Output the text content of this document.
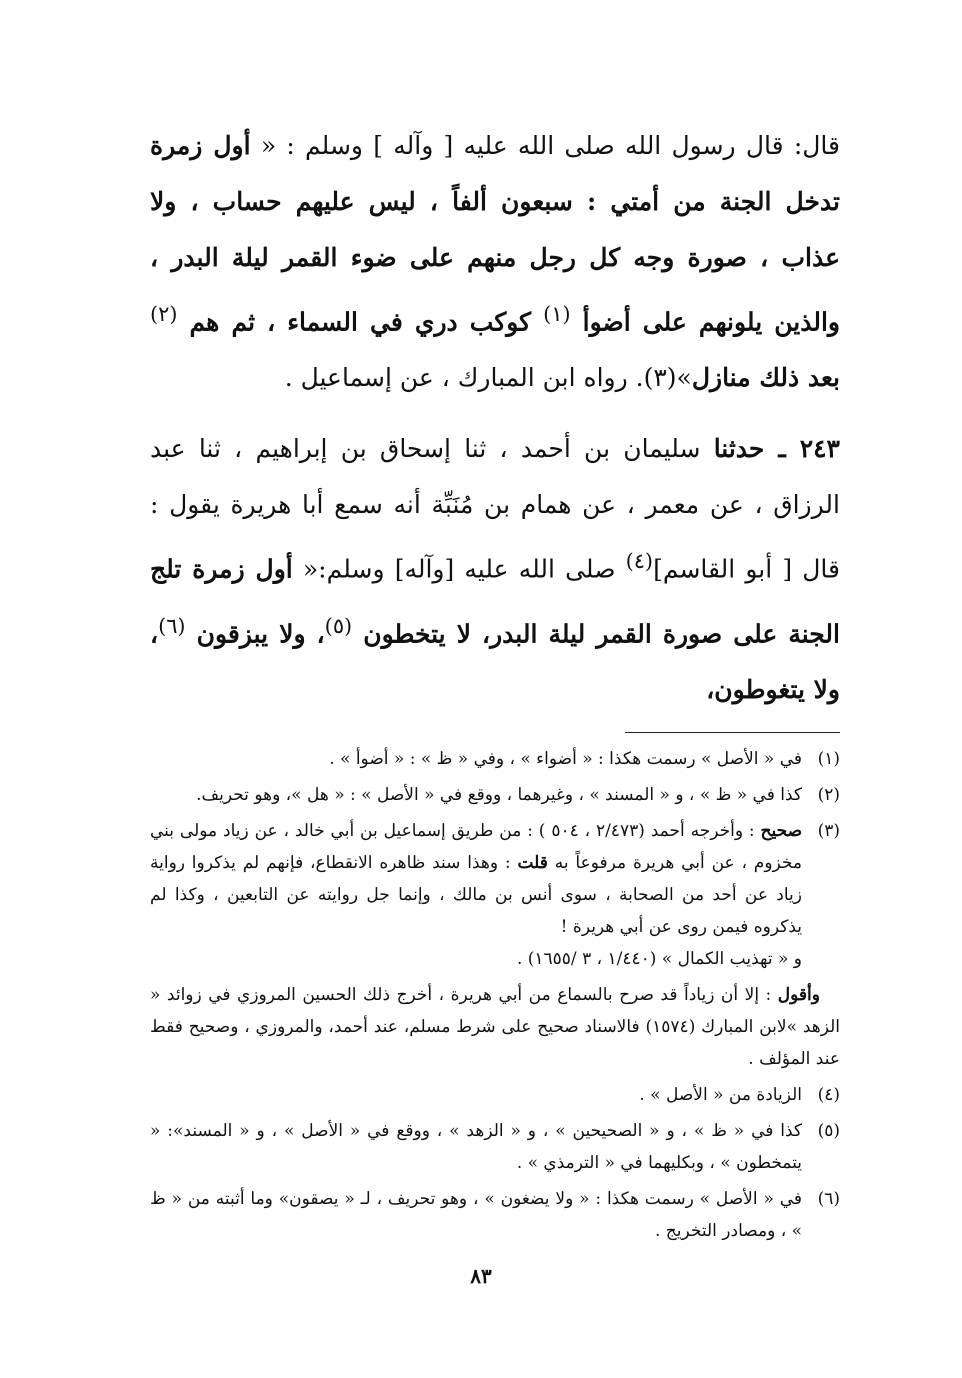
قال: قال رسول الله صلى الله عليه [ وآله ] وسلم : « أول زمرة تدخل الجنة من أمتي : سبعون ألفاً ، ليس عليهم حساب ، ولا عذاب ، صورة وجه كل رجل منهم على ضوء القمر ليلة البدر ، والذين يلونهم على أضوأ $^{(١)}$ كوكب دري في السماء ، ثم هم $^{(٢)}$ بعد ذلك منازل»(٣). رواه ابن المبارك ، عن إسماعيل .

٢٤٣ ـ حدثنا سليمان بن أحمد ، ثنا إسحاق بن إبراهيم ، ثنا عبد الرزاق ، عن معمر ، عن همام بن مُنَبِّة أنه سمع أبا هريرة يقول : قال [ أبو القاسم]$^{(٤)}$ صلى الله عليه [وآله] وسلم:« أول زمرة تلج الجنة على صورة القمر ليلة البدر، لا يتخطون $^{(٥)}$، ولا يبزقون $^{(٦)}$، ولا يتغوطون،

(١)
في « الأصل » رسمت هكذا : « أضواء » ، وفي « ظ » : « أضوأ » .
(٢)
كذا في « ظ » ، و « المسند » ، وغيرهما ، ووقع في « الأصل » : « هل »، وهو تحريف.
(٣)
صحيح : وأخرجه أحمد (٢/٤٧٣ ، ٥٠٤ ) : من طريق إسماعيل بن أبي خالد ، عن زياد مولى بني مخزوم ، عن أبي هريرة مرفوعاً به قلت : وهذا سند ظاهره الانقطاع، فإنهم لم يذكروا رواية زياد عن أحد من الصحابة ، سوى أنس بن مالك ، وإنما جل روايته عن التابعين ، وكذا لم يذكروه فيمن روى عن أبي هريرة !
و « تهذيب الكمال » (١/٤٤٠ ، ٣ /١٦٥٥) .
وأقول : إلا أن زياداً قد صرح بالسماع من أبي هريرة ، أخرج ذلك الحسين المروزي في زوائد « الزهد »لابن المبارك (١٥٧٤) فالاسناد صحيح على شرط مسلم، عند أحمد، والمروزي ، وصحيح فقط عند المؤلف .
(٤)
الزيادة من « الأصل » .
(٥)
كذا في « ظ » ، و « الصحيحين » ، و « الزهد » ، ووقع في « الأصل » ، و « المسند»: « يتمخطون » ، وبكليهما في « الترمذي » .
(٦)
في « الأصل » رسمت هكذا : « ولا يضغون » ، وهو تحريف ، لـ « يصقون» وما أثبته من « ظ » ، ومصادر التخريج .
٨٣
